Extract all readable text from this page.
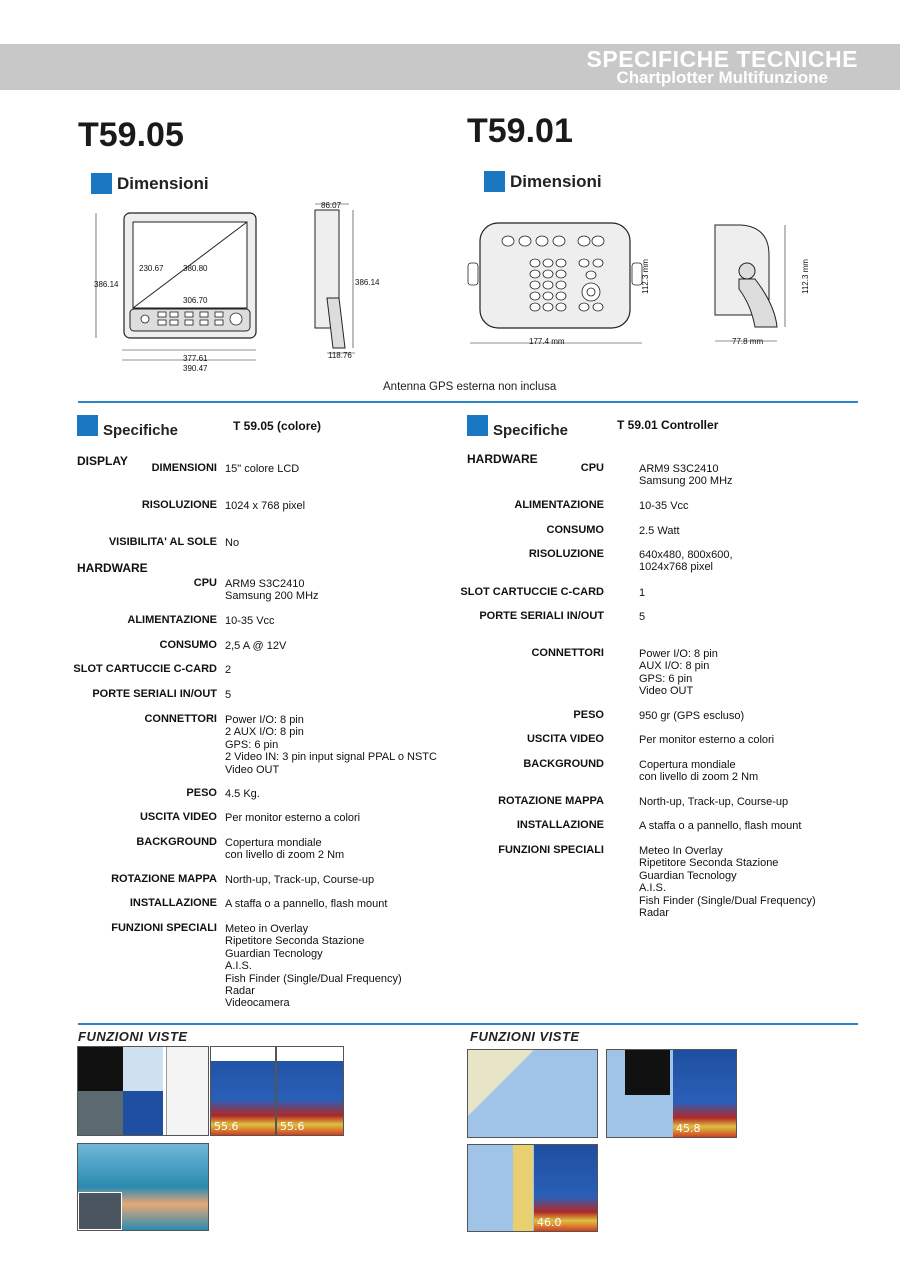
SPECIFICHE TECNICHE
Chartplotter Multifunzione
T59.05	T59.01
Dimensioni	Dimensioni
230.67 380.80
306.70
386.14
377.61
390.47
86.07
386.14
118.76
177.4 mm
112.3 mm
77.8 mm
112.3 mm
Antenna GPS esterna non inclusa
Specifiche	T 59.05 (colore)	Specifiche	T 59.01 Controller
DISPLAY
HARDWARE
HARDWARE
DIMENSIONI 15" colore LCD
RISOLUZIONE 1024 x 768 pixel
VISIBILITA' AL SOLE No
CPU ARM9 S3C2410
Samsung 200 MHz
ALIMENTAZIONE 10-35 Vcc
CONSUMO 2,5 A @ 12V
SLOT CARTUCCIE C-CARD 2
PORTE SERIALI IN/OUT 5
CONNETTORI Power I/O: 8 pin
2 AUX I/O: 8 pin
GPS: 6 pin
2 Video IN: 3 pin input signal PPAL o NSTC
Video OUT
PESO 4.5 Kg.
USCITA VIDEO Per monitor esterno a colori
BACKGROUND Copertura mondiale
con livello di zoom 2 Nm
ROTAZIONE MAPPA North-up, Track-up, Course-up
INSTALLAZIONE A staffa o a pannello, flash mount
FUNZIONI SPECIALI Meteo in Overlay
Ripetitore Seconda Stazione
Guardian Tecnology
A.I.S.
Fish Finder (Single/Dual Frequency)
Radar
Videocamera
CPU	ARM9 S3C2410
Samsung 200 MHz
ALIMENTAZIONE	10-35 Vcc
CONSUMO	2.5 Watt
RISOLUZIONE	640x480, 800x600,
1024x768 pixel
SLOT CARTUCCIE C-CARD	1
PORTE SERIALI IN/OUT	5
CONNETTORI	Power I/O: 8 pin
AUX I/O: 8 pin
GPS: 6 pin
Video OUT
PESO	950 gr (GPS escluso)
USCITA VIDEO	Per monitor esterno a colori
BACKGROUND	Copertura mondiale
con livello di zoom 2 Nm
ROTAZIONE MAPPA	North-up, Track-up, Course-up
INSTALLAZIONE	A staffa o a pannello, flash mount
FUNZIONI SPECIALI	Meteo In Overlay
Ripetitore Seconda Stazione
Guardian Tecnology
A.I.S.
Fish Finder (Single/Dual Frequency)
Radar
FUNZIONI VISTE	FUNZIONI VISTE
55.6	55.6	45.8
46.0
